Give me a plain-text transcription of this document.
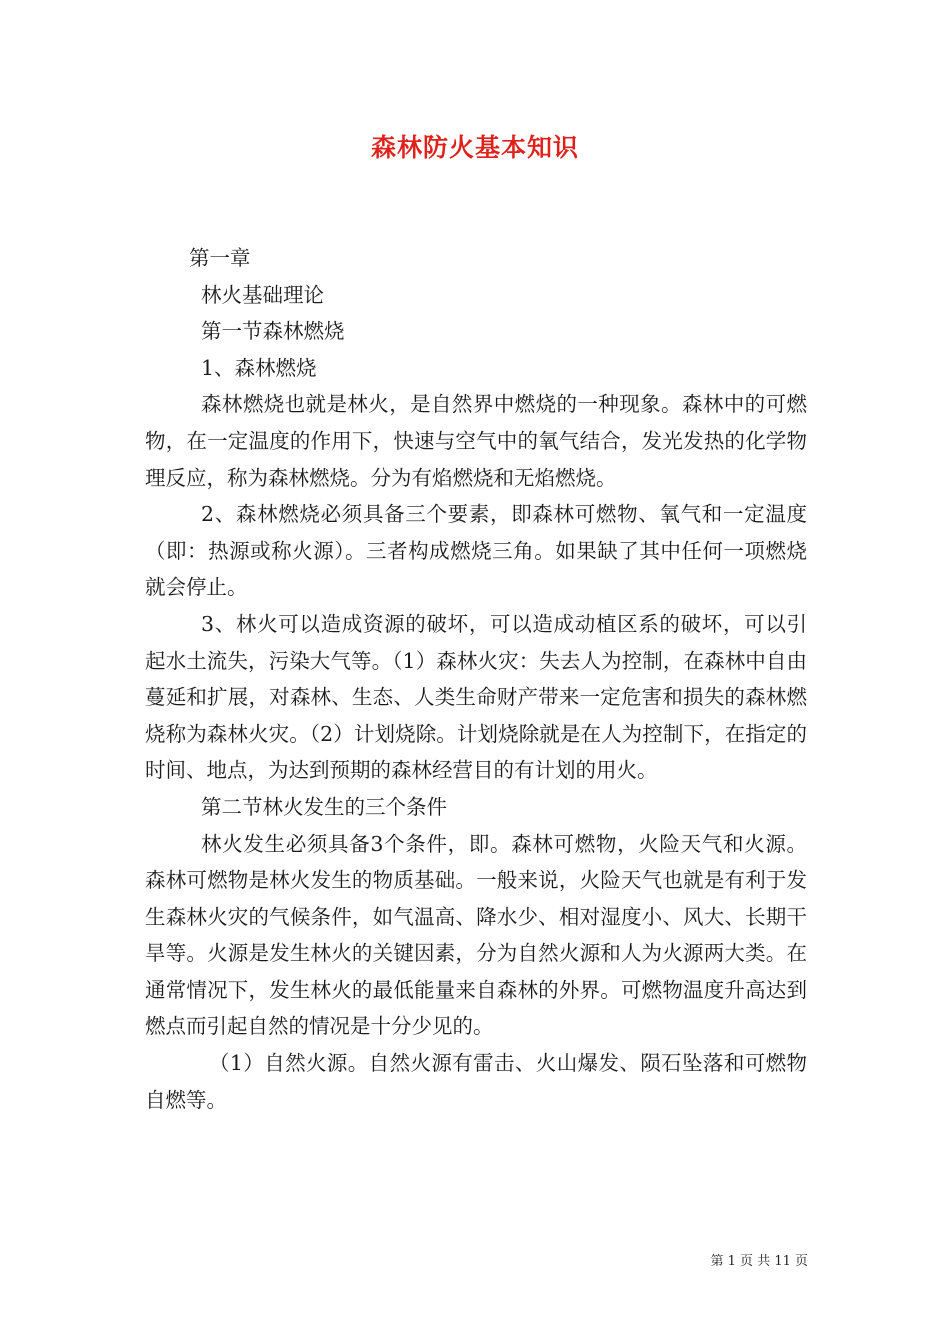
森林防火基本知识

第一章

林火基础理论

第一节森林燃烧

1、森林燃烧

森林燃烧也就是林火，是自然界中燃烧的一种现象。森林中的可燃物，在一定温度的作用下，快速与空气中的氧气结合，发光发热的化学物理反应，称为森林燃烧。分为有焰燃烧和无焰燃烧。

2、森林燃烧必须具备三个要素，即森林可燃物、氧气和一定温度（即：热源或称火源）。三者构成燃烧三角。如果缺了其中任何一项燃烧就会停止。

3、林火可以造成资源的破坏，可以造成动植区系的破坏，可以引起水土流失，污染大气等。（1）森林火灾：失去人为控制，在森林中自由蔓延和扩展，对森林、生态、人类生命财产带来一定危害和损失的森林燃烧称为森林火灾。（2）计划烧除。计划烧除就是在人为控制下，在指定的时间、地点，为达到预期的森林经营目的有计划的用火。

第二节林火发生的三个条件

林火发生必须具备3个条件，即。森林可燃物，火险天气和火源。森林可燃物是林火发生的物质基础。一般来说，火险天气也就是有利于发生森林火灾的气候条件，如气温高、降水少、相对湿度小、风大、长期干旱等。火源是发生林火的关键因素，分为自然火源和人为火源两大类。在通常情况下，发生林火的最低能量来自森林的外界。可燃物温度升高达到燃点而引起自然的情况是十分少见的。

（1）自然火源。自然火源有雷击、火山爆发、陨石坠落和可燃物自燃等。

第 1 页 共 11 页
